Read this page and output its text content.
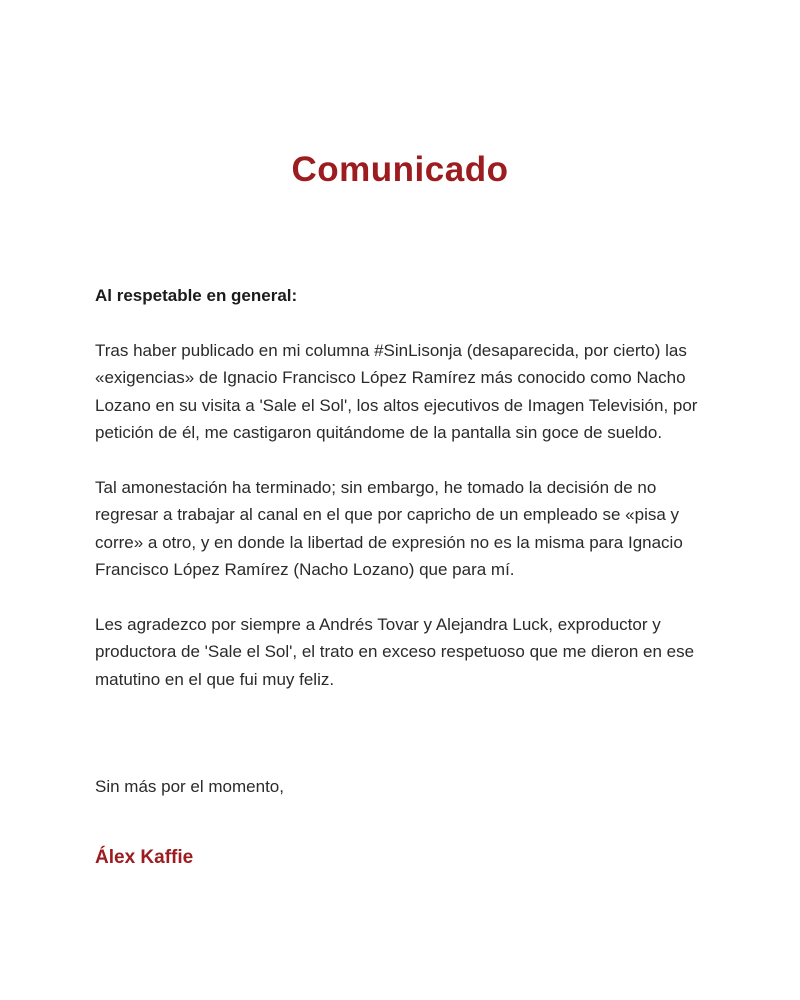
Comunicado

Al respetable en general:

Tras haber publicado en mi columna #SinLisonja (desaparecida, por cierto) las «exigencias» de Ignacio Francisco López Ramírez más conocido como Nacho Lozano en su visita a 'Sale el Sol', los altos ejecutivos de Imagen Televisión, por petición de él, me castigaron quitándome de la pantalla sin goce de sueldo.

Tal amonestación ha terminado; sin embargo, he tomado la decisión de no regresar a trabajar al canal en el que por capricho de un empleado se «pisa y corre» a otro, y en donde la libertad de expresión no es la misma para Ignacio Francisco López Ramírez (Nacho Lozano) que para mí.

Les agradezco por siempre a Andrés Tovar y Alejandra Luck, exproductor y productora de 'Sale el Sol', el trato en exceso respetuoso que me dieron en ese matutino en el que fui muy feliz.

Sin más por el momento,

Álex Kaffie
